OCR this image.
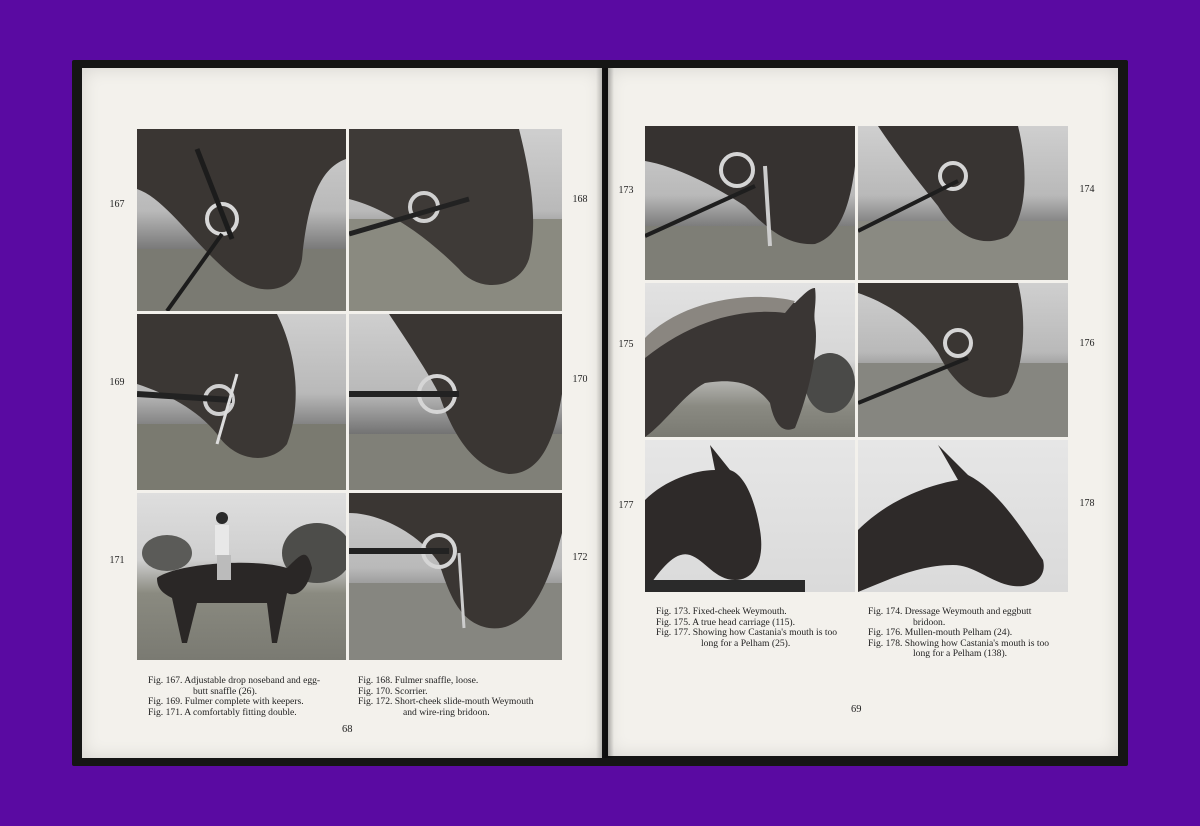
167	168
169	170
171	172
Fig. 167. Adjustable drop noseband and egg-
butt snaffle (26).
Fig. 169. Fulmer complete with keepers.
Fig. 171. A comfortably fitting double.
Fig. 168. Fulmer snaffle, loose.
Fig. 170. Scorrier.
Fig. 172. Short-cheek slide-mouth Weymouth
and wire-ring bridoon.
68
173	174
175	176
177	178
Fig. 173. Fixed-cheek Weymouth.
Fig. 175. A true head carriage (115).
Fig. 177. Showing how Castania's mouth is too
long for a Pelham (25).
Fig. 174. Dressage Weymouth and eggbutt
bridoon.
Fig. 176. Mullen-mouth Pelham (24).
Fig. 178. Showing how Castania's mouth is too
long for a Pelham (138).
69
